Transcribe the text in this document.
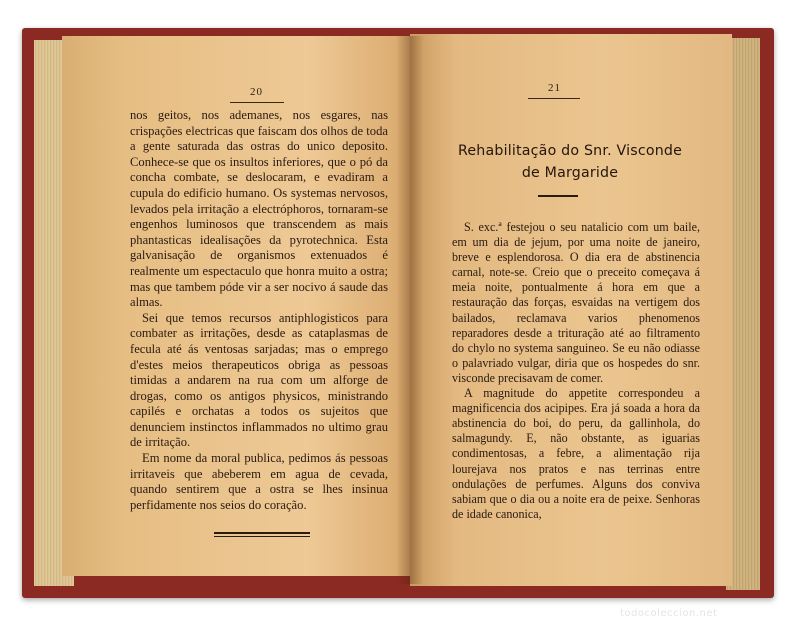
20

nos geitos, nos ademanes, nos esgares, nas crispações electricas que faiscam dos olhos de toda a gente saturada das ostras do unico deposito. Conhece-se que os insultos inferiores, que o pó da concha combate, se deslocaram, e evadiram a cupula do edificio humano. Os systemas nervosos, levados pela irritação a electróphoros, tornaram-se engenhos luminosos que transcendem as mais phantasticas idealisações da pyrotechnica. Esta galvanisação de organismos extenuados é realmente um espectaculo que honra muito a ostra; mas que tambem póde vir a ser nocivo á saude das almas.

Sei que temos recursos antiphlogisticos para combater as irritações, desde as cataplasmas de fecula até ás ventosas sarjadas; mas o emprego d'estes meios therapeuticos obriga as pessoas timidas a andarem na rua com um alforge de drogas, como os antigos physicos, ministrando capilés e orchatas a todos os sujeitos que denunciem instinctos inflammados no ultimo grau de irritação.

Em nome da moral publica, pedimos ás pessoas irritaveis que abeberem em agua de cevada, quando sentirem que a ostra se lhes insinua perfidamente nos seios do coração.

21
Rehabilitação do Snr. Visconde
de Margaride

S. exc.ª festejou o seu natalicio com um baile, em um dia de jejum, por uma noite de janeiro, breve e esplendorosa. O dia era de abstinencia carnal, note-se. Creio que o preceito começava á meia noite, pontualmente á hora em que a restauração das forças, esvaidas na vertigem dos bailados, reclamava varios phenomenos reparadores desde a trituração até ao filtramento do chylo no systema sanguineo. Se eu não odiasse o palavriado vulgar, diria que os hospedes do snr. visconde precisavam de comer.

A magnitude do appetite correspondeu a magnificencia dos acipipes. Era já soada a hora da abstinencia do boi, do peru, da gallinhola, do salmagundy. E, não obstante, as iguarias condimentosas, a febre, a alimentação rija lourejava nos pratos e nas terrinas entre ondulações de perfumes. Alguns dos conviva sabiam que o dia ou a noite era de peixe. Senhoras de idade canonica,

todocoleccion.net
